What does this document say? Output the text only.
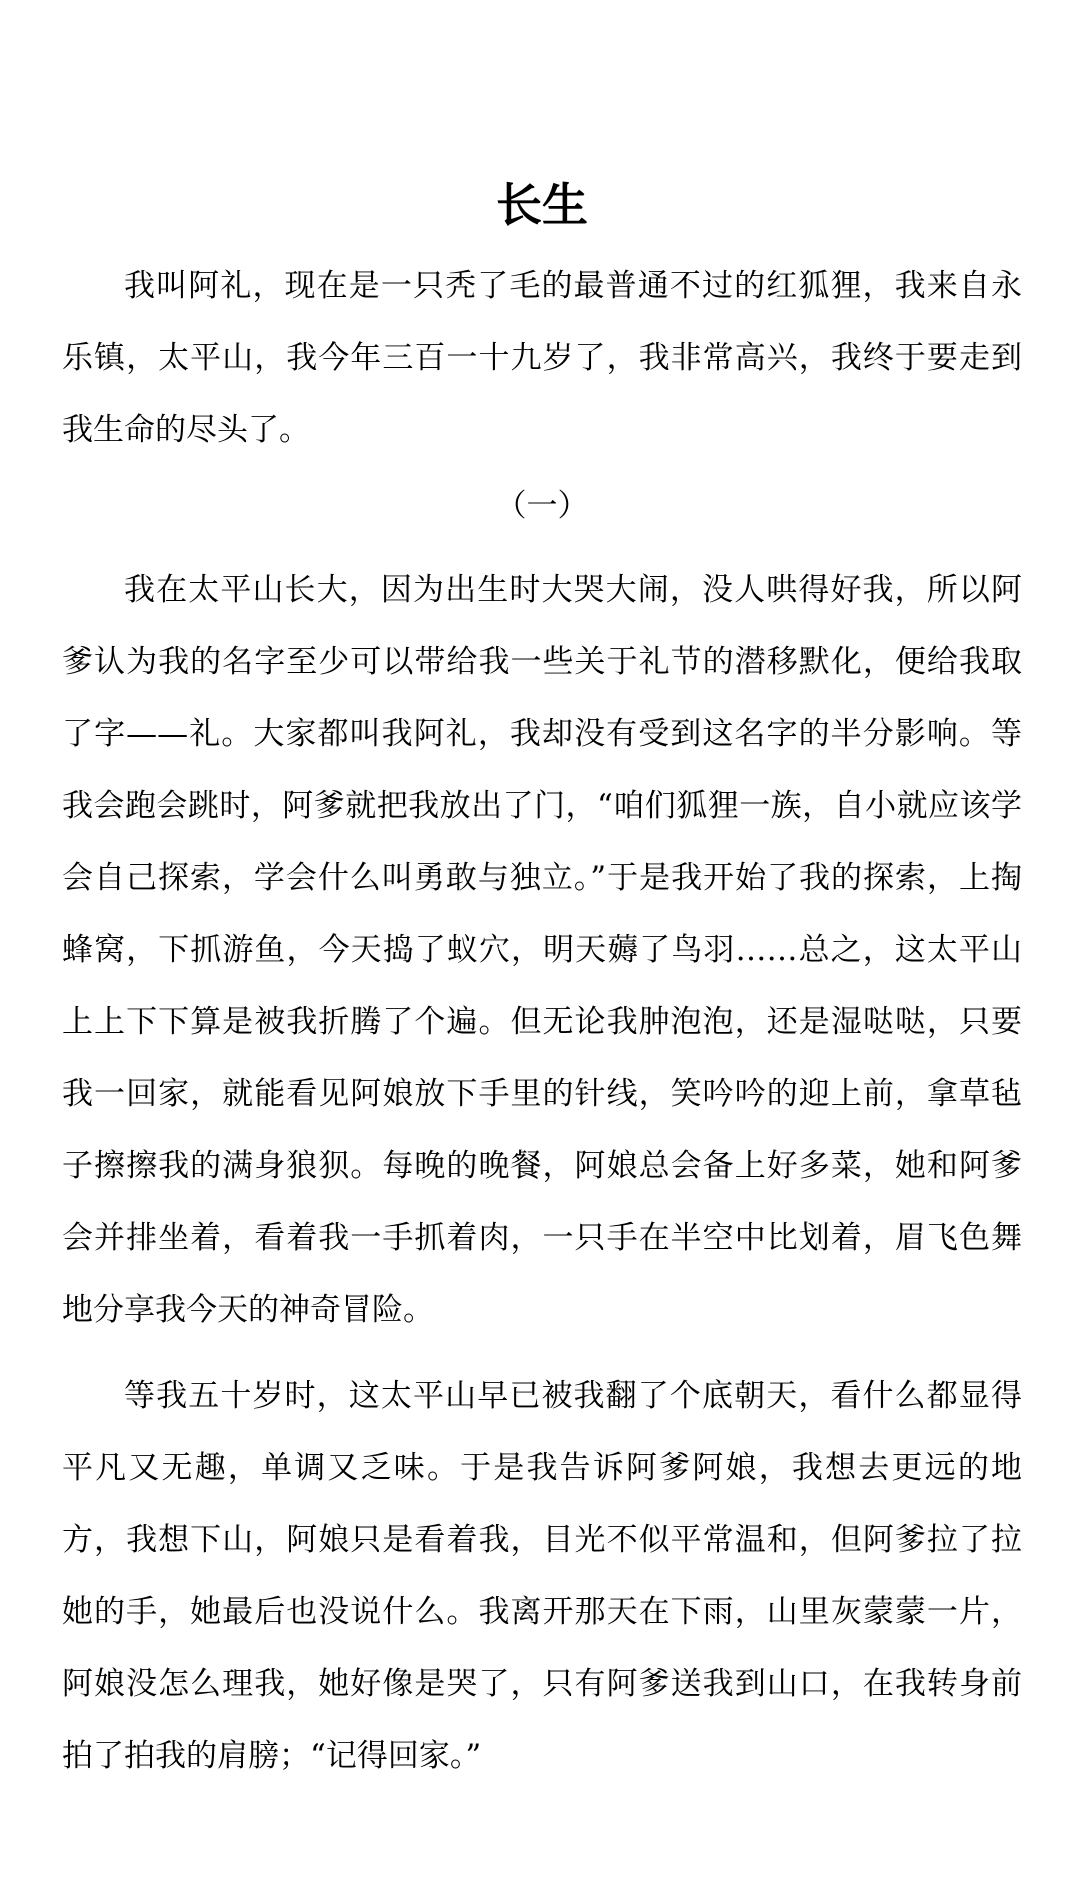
长生

我叫阿礼，现在是一只秃了毛的最普通不过的红狐狸，我来自永乐镇，太平山，我今年三百一十九岁了，我非常高兴，我终于要走到我生命的尽头了。

（一）

我在太平山长大，因为出生时大哭大闹，没人哄得好我，所以阿爹认为我的名字至少可以带给我一些关于礼节的潜移默化，便给我取了字——礼。大家都叫我阿礼，我却没有受到这名字的半分影响。等我会跑会跳时，阿爹就把我放出了门，“咱们狐狸一族，自小就应该学会自己探索，学会什么叫勇敢与独立。”于是我开始了我的探索，上掏蜂窝，下抓游鱼，今天捣了蚁穴，明天薅了鸟羽……总之，这太平山上上下下算是被我折腾了个遍。但无论我肿泡泡，还是湿哒哒，只要我一回家，就能看见阿娘放下手里的针线，笑吟吟的迎上前，拿草毡子擦擦我的满身狼狈。每晚的晚餐，阿娘总会备上好多菜，她和阿爹会并排坐着，看着我一手抓着肉，一只手在半空中比划着，眉飞色舞地分享我今天的神奇冒险。

等我五十岁时，这太平山早已被我翻了个底朝天，看什么都显得平凡又无趣，单调又乏味。于是我告诉阿爹阿娘，我想去更远的地方，我想下山，阿娘只是看着我，目光不似平常温和，但阿爹拉了拉她的手，她最后也没说什么。我离开那天在下雨，山里灰蒙蒙一片，阿娘没怎么理我，她好像是哭了，只有阿爹送我到山口，在我转身前拍了拍我的肩膀；“记得回家。”
